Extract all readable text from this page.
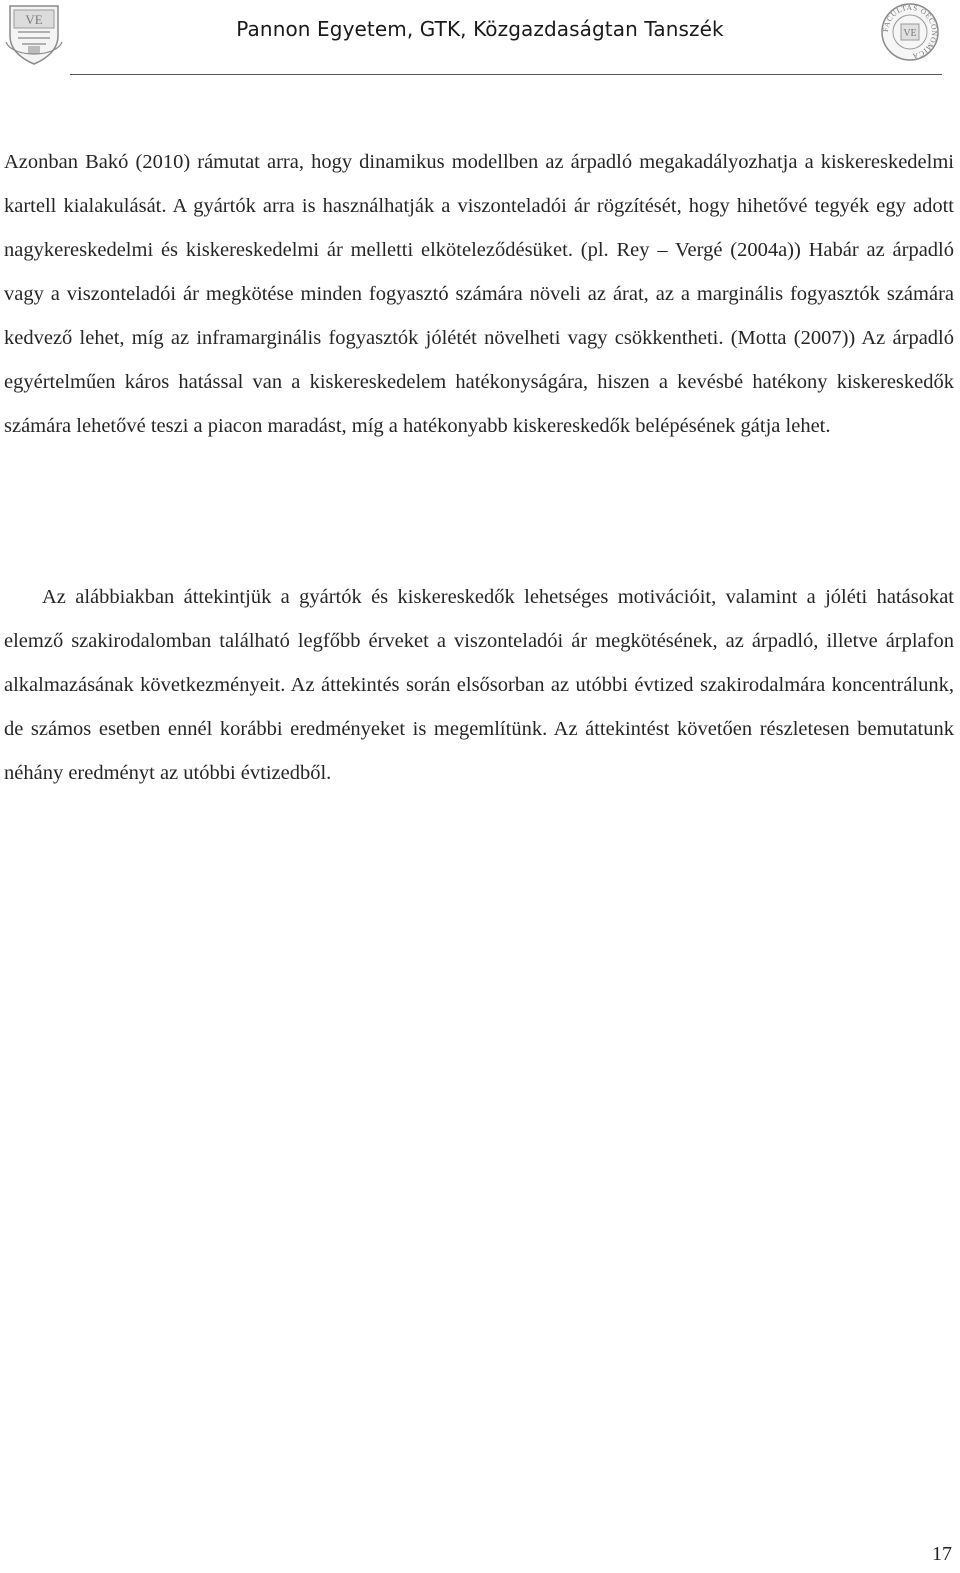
VE	Pannon Egyetem, GTK, Közgazdaságtan Tanszék	FACULTAS OECONOMICA
VE
Azonban Bakó (2010) rámutat arra, hogy dinamikus modellben az árpadló megakadályozhatja a kiskereskedelmi kartell kialakulását. A gyártók arra is használhatják a viszonteladói ár rögzítését, hogy hihetővé tegyék egy adott nagykereskedelmi és kiskereskedelmi ár melletti elköteleződésüket. (pl. Rey – Vergé (2004a)) Habár az árpadló vagy a viszonteladói ár megkötése minden fogyasztó számára növeli az árat, az a marginális fogyasztók számára kedvező lehet, míg az inframarginális fogyasztók jólétét növelheti vagy csökkentheti. (Motta (2007)) Az árpadló egyértelműen káros hatással van a kiskereskedelem hatékonyságára, hiszen a kevésbé hatékony kiskereskedők számára lehetővé teszi a piacon maradást, míg a hatékonyabb kiskereskedők belépésének gátja lehet.
Az alábbiakban áttekintjük a gyártók és kiskereskedők lehetséges motivációit, valamint a jóléti hatásokat elemző szakirodalomban található legfőbb érveket a viszonteladói ár megkötésének, az árpadló, illetve árplafon alkalmazásának következményeit. Az áttekintés során elsősorban az utóbbi évtized szakirodalmára koncentrálunk, de számos esetben ennél korábbi eredményeket is megemlítünk. Az áttekintést követően részletesen bemutatunk néhány eredményt az utóbbi évtizedből.
17
